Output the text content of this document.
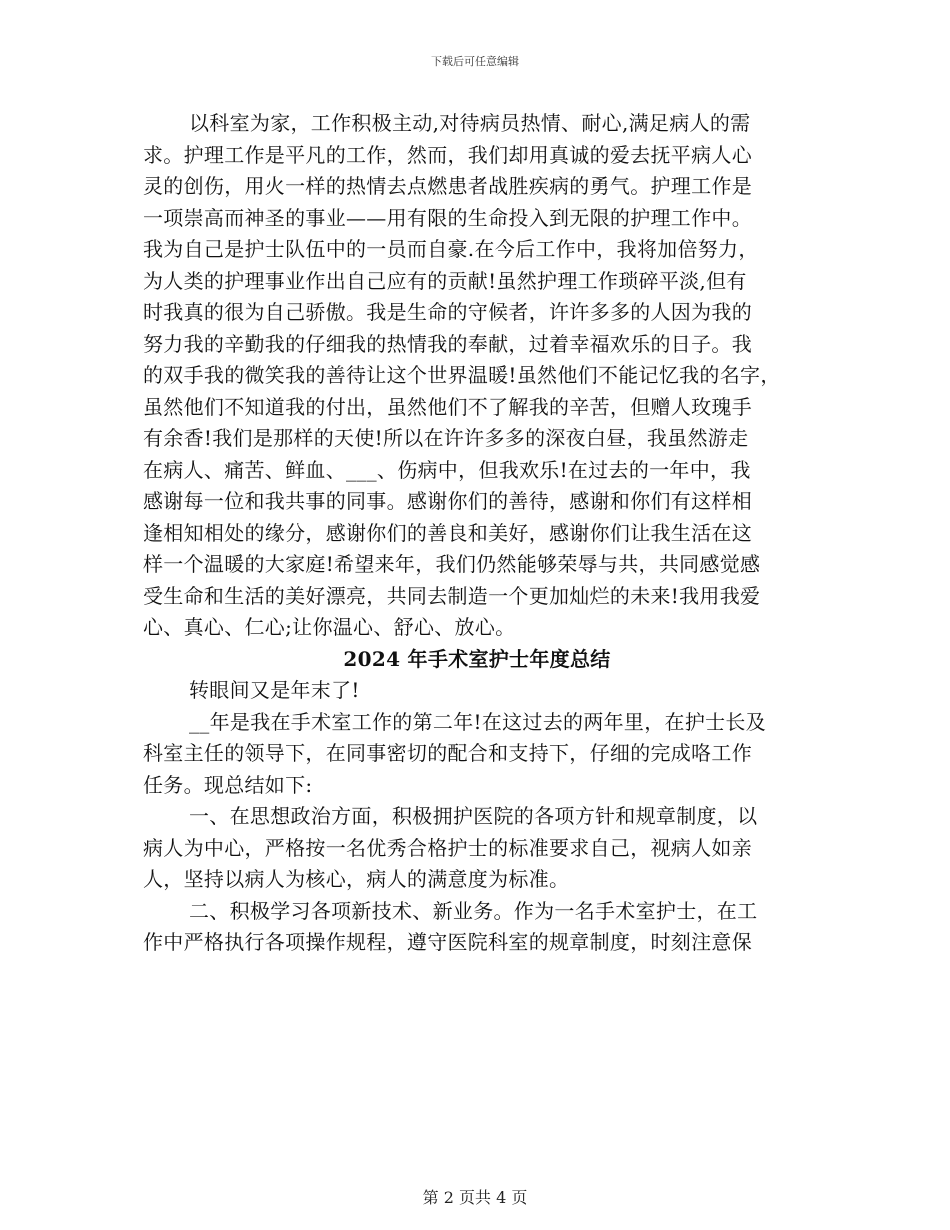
下载后可任意编辑
以科室为家，工作积极主动,对待病员热情、耐心,满足病人的需
求。护理工作是平凡的工作，然而，我们却用真诚的爱去抚平病人心
灵的创伤，用火一样的热情去点燃患者战胜疾病的勇气。护理工作是
一项崇高而神圣的事业——用有限的生命投入到无限的护理工作中。
我为自己是护士队伍中的一员而自豪.在今后工作中，我将加倍努力，
为人类的护理事业作出自己应有的贡献!虽然护理工作琐碎平淡,但有
时我真的很为自己骄傲。我是生命的守候者，许许多多的人因为我的
努力我的辛勤我的仔细我的热情我的奉献，过着幸福欢乐的日子。我
的双手我的微笑我的善待让这个世界温暖!虽然他们不能记忆我的名字，
虽然他们不知道我的付出，虽然他们不了解我的辛苦，但赠人玫瑰手
有余香!我们是那样的天使!所以在许许多多的深夜白昼，我虽然游走
在病人、痛苦、鲜血、___、伤病中，但我欢乐!在过去的一年中，我
感谢每一位和我共事的同事。感谢你们的善待，感谢和你们有这样相
逢相知相处的缘分，感谢你们的善良和美好，感谢你们让我生活在这
样一个温暖的大家庭!希望来年，我们仍然能够荣辱与共，共同感觉感
受生命和生活的美好漂亮，共同去制造一个更加灿烂的未来!我用我爱
心、真心、仁心;让你温心、舒心、放心。
2024 年手术室护士年度总结
转眼间又是年末了!
__年是我在手术室工作的第二年!在这过去的两年里，在护士长及
科室主任的领导下，在同事密切的配合和支持下，仔细的完成咯工作
任务。现总结如下:
一、在思想政治方面，积极拥护医院的各项方针和规章制度，以
病人为中心，严格按一名优秀合格护士的标准要求自己，视病人如亲
人，坚持以病人为核心，病人的满意度为标准。
二、积极学习各项新技术、新业务。作为一名手术室护士，在工
作中严格执行各项操作规程，遵守医院科室的规章制度，时刻注意保
第 2 页共 4 页
